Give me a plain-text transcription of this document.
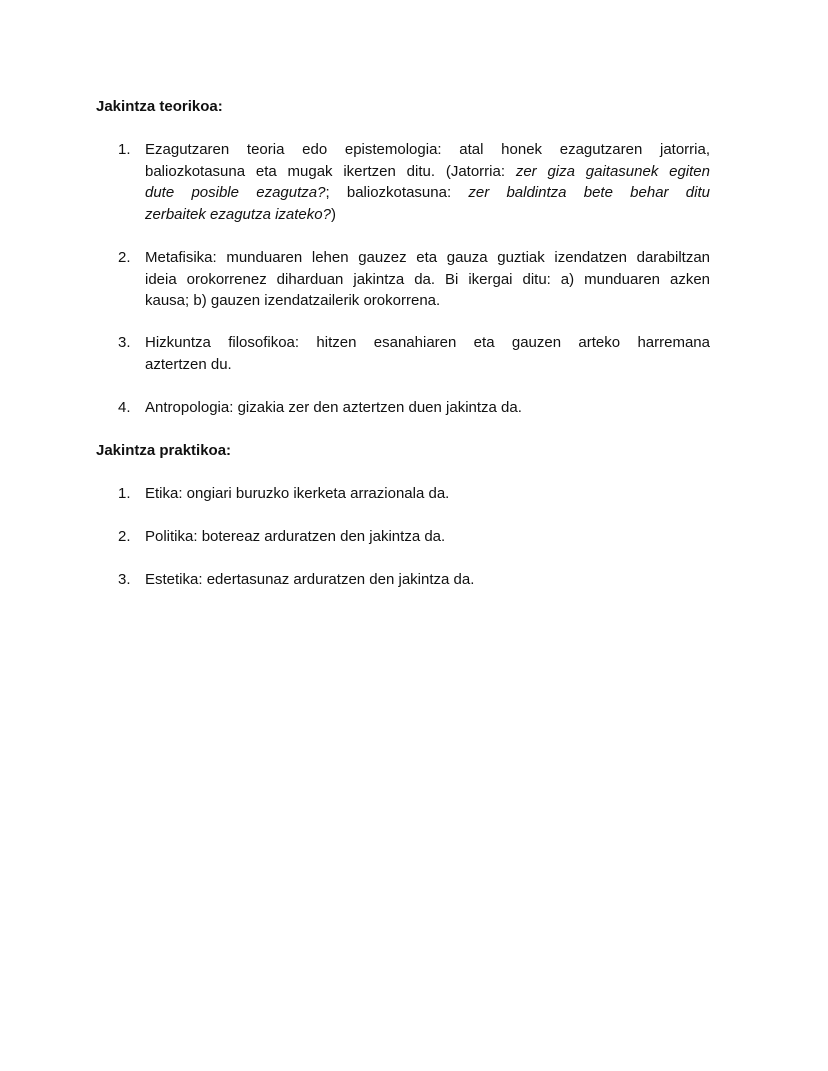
Jakintza teorikoa:
1. Ezagutzaren teoria edo epistemologia: atal honek ezagutzaren jatorria,
baliozkotasuna eta mugak ikertzen ditu. (Jatorria: zer giza gaitasunek egiten
dute posible ezagutza?; baliozkotasuna: zer baldintza bete behar ditu
zerbaitek ezagutza izateko?)
2. Metafisika: munduaren lehen gauzez eta gauza guztiak izendatzen darabiltzan
ideia orokorrenez diharduan jakintza da. Bi ikergai ditu: a) munduaren azken
kausa; b) gauzen izendatzailerik orokorrena.
3. Hizkuntza filosofikoa: hitzen esanahiaren eta gauzen arteko harremana
aztertzen du.
4. Antropologia: gizakia zer den aztertzen duen jakintza da.
Jakintza praktikoa:
1. Etika: ongiari buruzko ikerketa arrazionala da.
2. Politika: botereaz arduratzen den jakintza da.
3. Estetika: edertasunaz arduratzen den jakintza da.
